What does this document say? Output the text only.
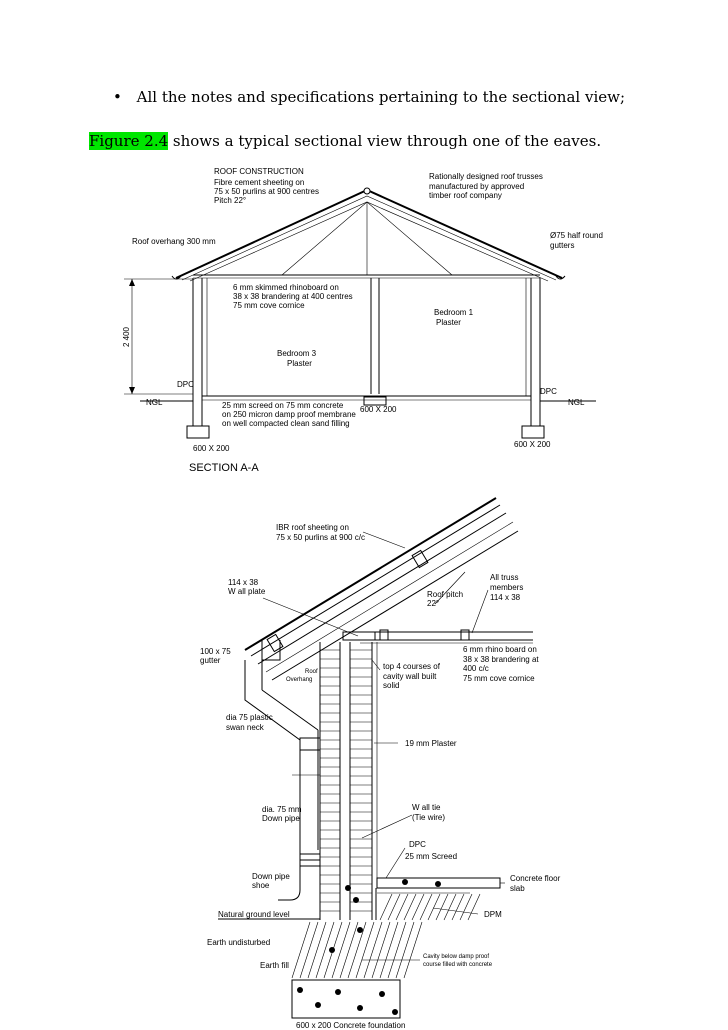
• All the notes and specifications pertaining to the sectional view;
Figure 2.4 shows a typical sectional view through one of the eaves.
ROOF CONSTRUCTION
Fibre cement sheeting on
75 x 50 purlins at 900 centres
Pitch 22°
Rationally designed roof trusses
manufactured by approved
timber roof company
Roof overhang 300 mm
Ø75 half round
gutters
6 mm skimmed rhinoboard on
38 x 38 brandering at 400 centres
75 mm cove cornice
Bedroom 1
Plaster
2 400
Bedroom 3
Plaster
DPC
DPC
NGL	NGL
25 mm screed on 75 mm concrete
on 250 micron damp proof membrane
on well compacted clean sand filling
600 X 200
600 X 200	600 X 200
SECTION A-A
IBR roof sheeting on
75 x 50 purlins at 900 c/c
114 x 38
W all plate
All truss
members
114 x 38
Roof pitch
22°
100 x 75
gutter
Roof
Overhang
top 4 courses of
cavity wall built
solid
6 mm rhino board on
38 x 38 brandering at
400 c/c
75 mm cove cornice
dia 75 plastic
swan neck
19 mm Plaster
dia. 75 mm
Down pipe
W all tie
(Tie wire)
DPC
25 mm Screed
Down pipe
shoe
Concrete floor
slab
Natural ground level	DPM
Earth undisturbed
Cavity below damp proof
course filled with concrete
Earth fill
600 x 200 Concrete foundation
